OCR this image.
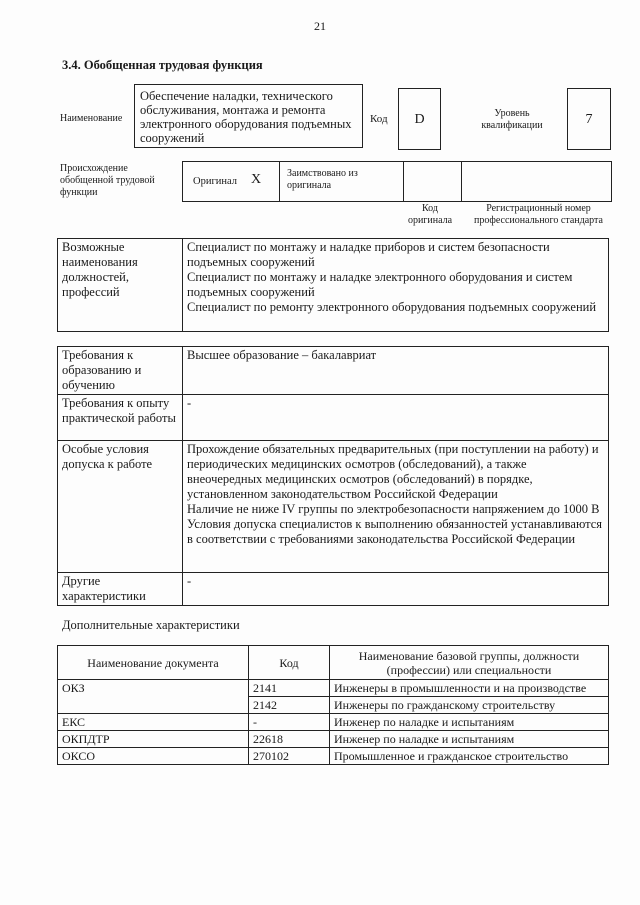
21
3.4. Обобщенная трудовая функция
Наименование
Обеспечение наладки, технического обслуживания, монтажа и ремонта электронного оборудования подъемных сооружений
Код	D	Уровень квалификации	7
Происхождение обобщенной трудовой функции
Оригинал X	Заимствовано из оригинала
Код оригинала
Регистрационный номер профессионального стандарта
Возможные наименования должностей, профессий	
Специалист по монтажу и наладке приборов и систем безопасности подъемных сооружений
Специалист по монтажу и наладке электронного оборудования и систем подъемных сооружений
Специалист по ремонту электронного оборудования подъемных сооружений
Требования к образованию и обучению	Высшее образование – бакалавриат
Требования к опыту практической работы	-
Особые условия допуска к работе	Прохождение обязательных предварительных (при поступлении на работу) и периодических медицинских осмотров (обследований), а также внеочередных медицинских осмотров (обследований) в порядке, установленном законодательством Российской Федерации
Наличие не ниже IV группы по электробезопасности напряжением до 1000 В
Условия допуска специалистов к выполнению обязанностей устанавливаются в соответствии с требованиями законодательства Российской Федерации

Другие характеристики	-
Дополнительные характеристики
Наименование документа	Код	Наименование базовой группы, должности (профессии) или специальности
ОКЗ	2141	Инженеры в промышленности и на производстве
	2142	Инженеры по гражданскому строительству
ЕКС	-	Инженер по наладке и испытаниям
ОКПДТР	22618	Инженер по наладке и испытаниям
ОКСО	270102	Промышленное и гражданское строительство
